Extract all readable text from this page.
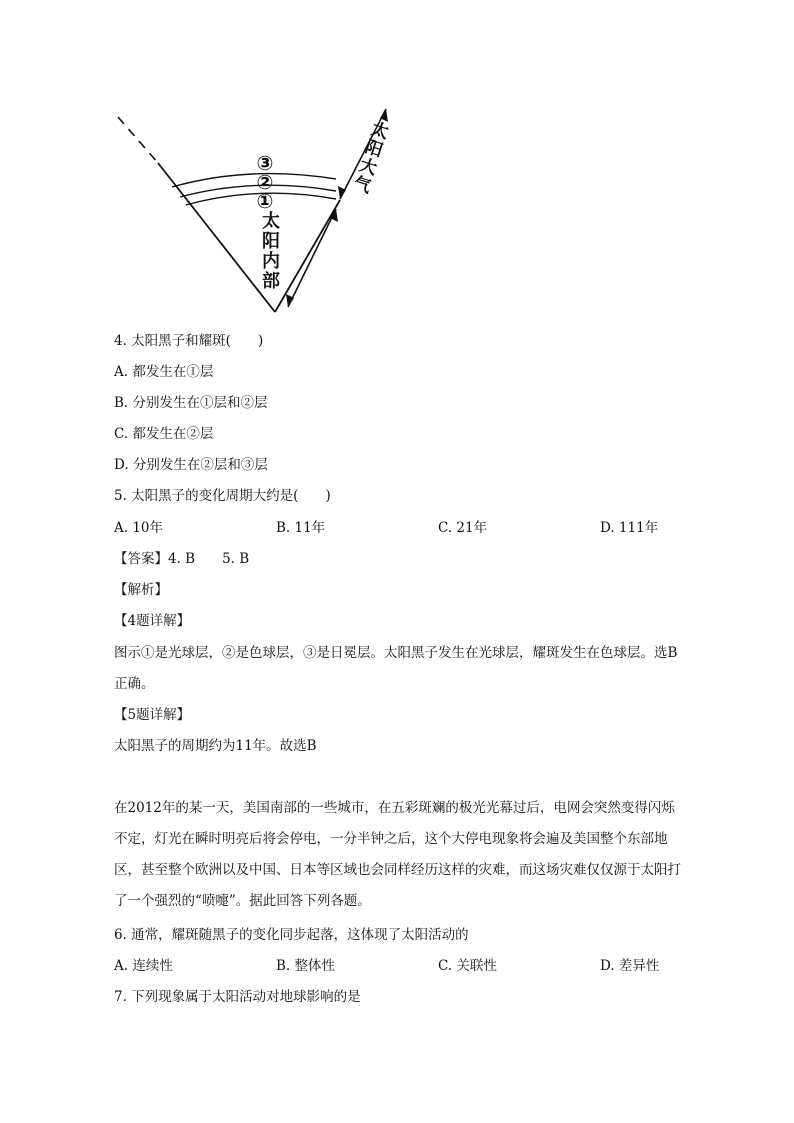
③
②
①
太
阳
内
部
太
阳
大
气
4. 太阳黑子和耀斑(　　)
A. 都发生在①层
B. 分别发生在①层和②层
C. 都发生在②层
D. 分别发生在②层和③层
5. 太阳黑子的变化周期大约是(　　)
A. 10年	B. 11年	C. 21年	D. 111年
【答案】4. B　　5. B
【解析】
【4题详解】
图示①是光球层，②是色球层，③是日冕层。太阳黑子发生在光球层，耀斑发生在色球层。选B正确。
【5题详解】
太阳黑子的周期约为11年。故选B
在2012年的某一天，美国南部的一些城市，在五彩斑斓的极光光幕过后，电网会突然变得闪烁不定，灯光在瞬时明亮后将会停电，一分半钟之后，这个大停电现象将会遍及美国整个东部地区，甚至整个欧洲以及中国、日本等区域也会同样经历这样的灾难，而这场灾难仅仅源于太阳打了一个强烈的“喷嚏”。据此回答下列各题。
6. 通常，耀斑随黑子的变化同步起落，这体现了太阳活动的
A. 连续性	B. 整体性	C. 关联性	D. 差异性
7. 下列现象属于太阳活动对地球影响的是
